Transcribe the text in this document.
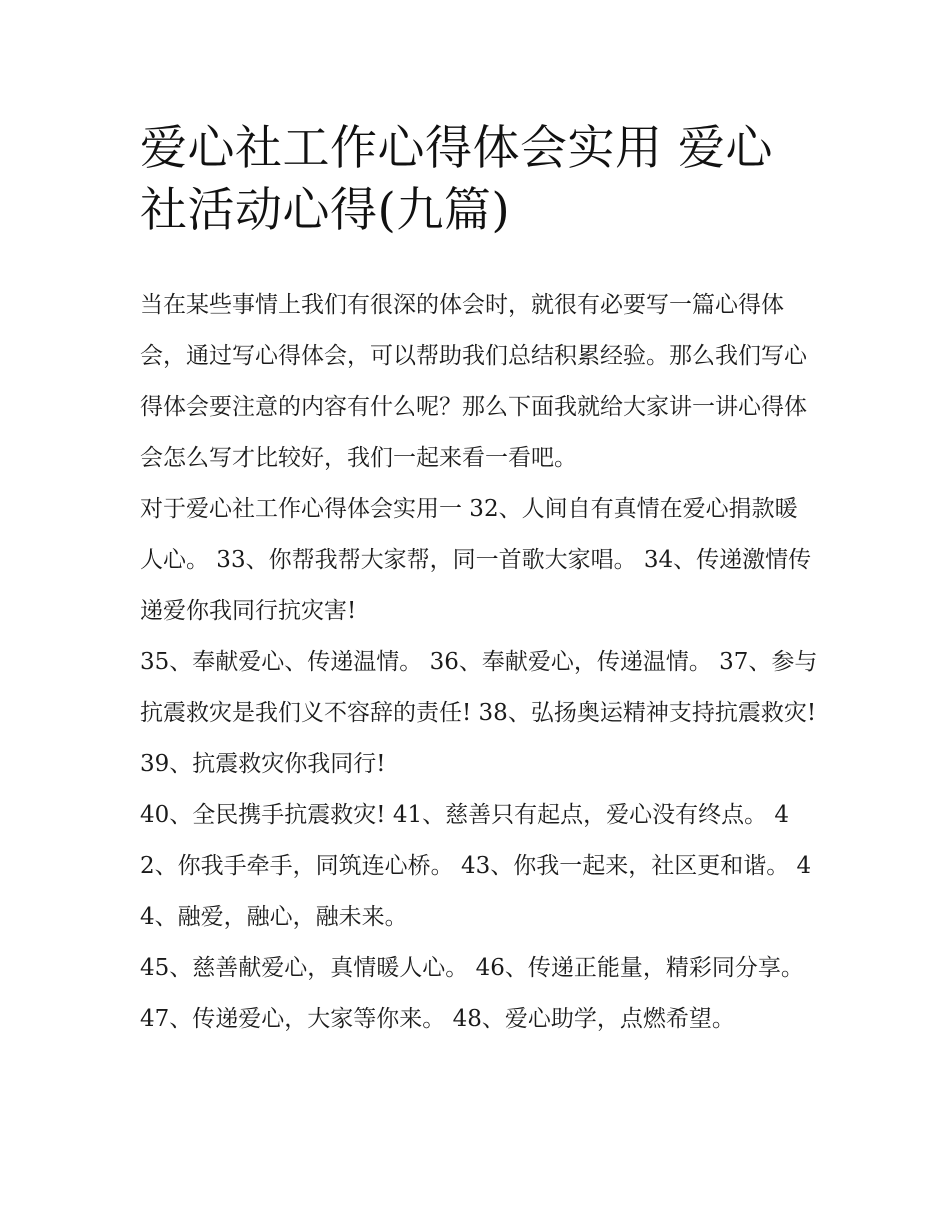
爱心社工作心得体会实用 爱心社活动心得(九篇)

当在某些事情上我们有很深的体会时，就很有必要写一篇心得体会，通过写心得体会，可以帮助我们总结积累经验。那么我们写心得体会要注意的内容有什么呢？那么下面我就给大家讲一讲心得体会怎么写才比较好，我们一起来看一看吧。

对于爱心社工作心得体会实用一 32、人间自有真情在爱心捐款暖人心。 33、你帮我帮大家帮，同一首歌大家唱。 34、传递激情传递爱你我同行抗灾害!

35、奉献爱心、传递温情。 36、奉献爱心，传递温情。 37、参与抗震救灾是我们义不容辞的责任! 38、弘扬奥运精神支持抗震救灾! 39、抗震救灾你我同行!

40、全民携手抗震救灾! 41、慈善只有起点，爱心没有终点。 42、你我手牵手，同筑连心桥。 43、你我一起来，社区更和谐。 44、融爱，融心，融未来。

45、慈善献爱心，真情暖人心。 46、传递正能量，精彩同分享。 47、传递爱心，大家等你来。 48、爱心助学，点燃希望。
